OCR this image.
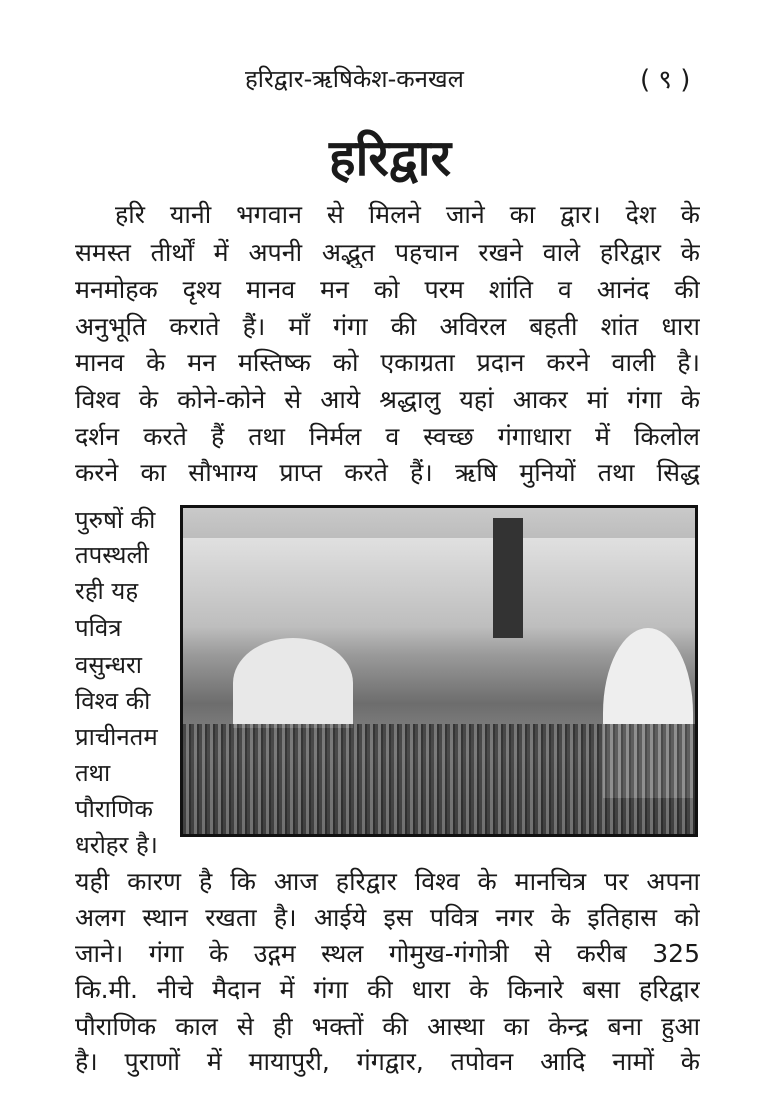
हरिद्वार-ऋषिकेश-कनखल	( ९ )
हरिद्वार
हरि यानी भगवान से मिलने जाने का द्वार। देश के
समस्त तीर्थों में अपनी अद्भुत पहचान रखने वाले हरिद्वार के
मनमोहक दृश्य मानव मन को परम शांति व आनंद की
अनुभूति कराते हैं। माँ गंगा की अविरल बहती शांत धारा
मानव के मन मस्तिष्क को एकाग्रता प्रदान करने वाली है।
विश्व के कोने-कोने से आये श्रद्धालु यहां आकर मां गंगा के
दर्शन करते हैं तथा निर्मल व स्वच्छ गंगाधारा में किलोल
करने का सौभाग्य प्राप्त करते हैं। ऋषि मुनियों तथा सिद्ध
पुरुषों की
तपस्थली
रही यह
पवित्र
वसुन्धरा
विश्व की
प्राचीनतम
तथा
पौराणिक
धरोहर है।
यही कारण है कि आज हरिद्वार विश्व के मानचित्र पर अपना
अलग स्थान रखता है। आईये इस पवित्र नगर के इतिहास को
जाने। गंगा के उद्गम स्थल गोमुख-गंगोत्री से करीब 325
कि.मी. नीचे मैदान में गंगा की धारा के किनारे बसा हरिद्वार
पौराणिक काल से ही भक्तों की आस्था का केन्द्र बना हुआ
है। पुराणों में मायापुरी, गंगद्वार, तपोवन आदि नामों के
